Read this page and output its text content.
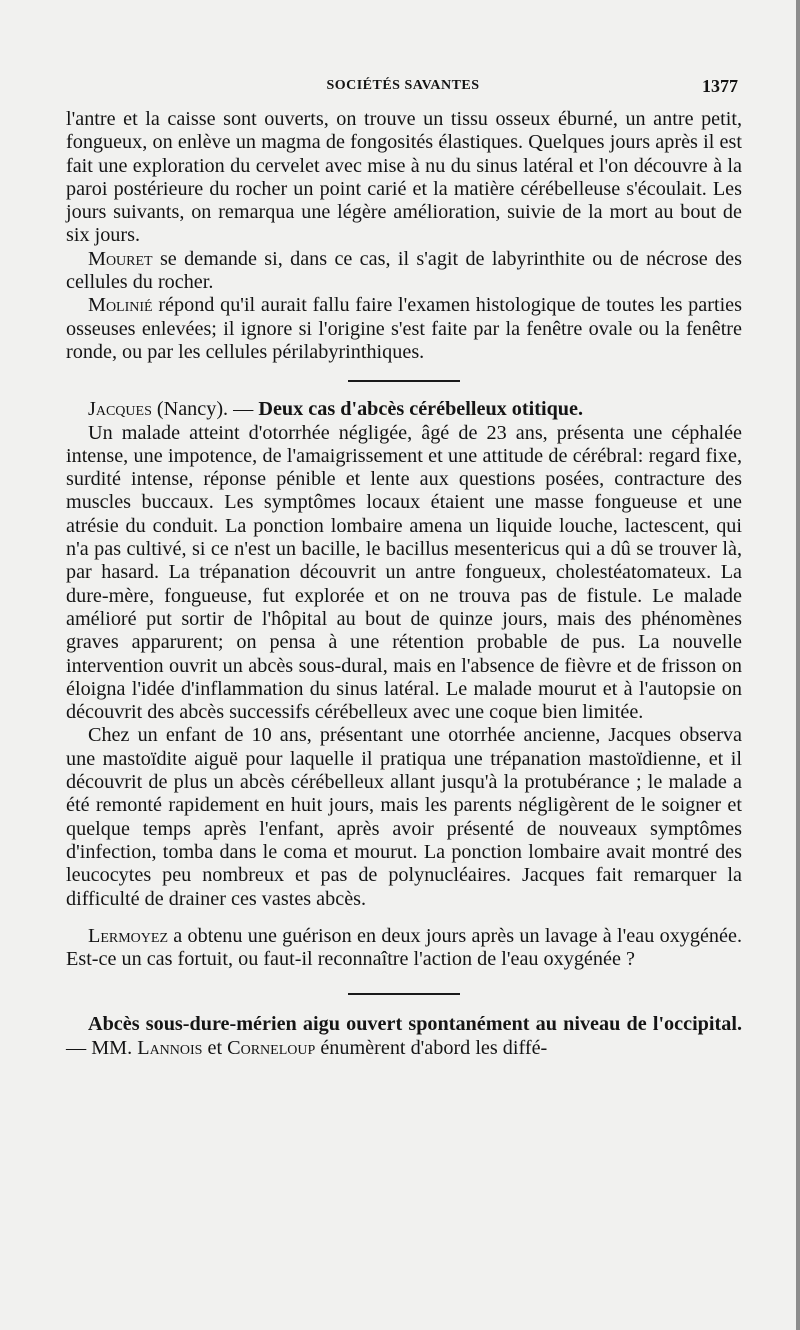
SOCIÉTÉS SAVANTES	1377

l'antre et la caisse sont ouverts, on trouve un tissu osseux éburné, un antre petit, fongueux, on enlève un magma de fongosités élastiques. Quelques jours après il est fait une exploration du cervelet avec mise à nu du sinus latéral et l'on découvre à la paroi postérieure du rocher un point carié et la matière cérébelleuse s'écoulait. Les jours suivants, on remarqua une légère amélioration, suivie de la mort au bout de six jours.

Mouret se demande si, dans ce cas, il s'agit de labyrinthite ou de nécrose des cellules du rocher.

Molinié répond qu'il aurait fallu faire l'examen histologique de toutes les parties osseuses enlevées; il ignore si l'origine s'est faite par la fenêtre ovale ou la fenêtre ronde, ou par les cellules périlabyrinthiques.

Jacques (Nancy). — Deux cas d'abcès cérébelleux otitique.

Un malade atteint d'otorrhée négligée, âgé de 23 ans, présenta une céphalée intense, une impotence, de l'amaigrissement et une attitude de cérébral: regard fixe, surdité intense, réponse pénible et lente aux questions posées, contracture des muscles buccaux. Les symptômes locaux étaient une masse fongueuse et une atrésie du conduit. La ponction lombaire amena un liquide louche, lactescent, qui n'a pas cultivé, si ce n'est un bacille, le bacillus mesentericus qui a dû se trouver là, par hasard. La trépanation découvrit un antre fongueux, cholestéatomateux. La dure-mère, fongueuse, fut explorée et on ne trouva pas de fistule. Le malade amélioré put sortir de l'hôpital au bout de quinze jours, mais des phénomènes graves apparurent; on pensa à une rétention probable de pus. La nouvelle intervention ouvrit un abcès sous-dural, mais en l'absence de fièvre et de frisson on éloigna l'idée d'inflammation du sinus latéral. Le malade mourut et à l'autopsie on découvrit des abcès successifs cérébelleux avec une coque bien limitée.

Chez un enfant de 10 ans, présentant une otorrhée ancienne, Jacques observa une mastoïdite aiguë pour laquelle il pratiqua une trépanation mastoïdienne, et il découvrit de plus un abcès cérébelleux allant jusqu'à la protubérance ; le malade a été remonté rapidement en huit jours, mais les parents négligèrent de le soigner et quelque temps après l'enfant, après avoir présenté de nouveaux symptômes d'infection, tomba dans le coma et mourut. La ponction lombaire avait montré des leucocytes peu nombreux et pas de polynucléaires. Jacques fait remarquer la difficulté de drainer ces vastes abcès.

Lermoyez a obtenu une guérison en deux jours après un lavage à l'eau oxygénée. Est-ce un cas fortuit, ou faut-il reconnaître l'action de l'eau oxygénée ?

Abcès sous-dure-mérien aigu ouvert spontanément au niveau de l'occipital. — MM. Lannois et Corneloup énumèrent d'abord les diffé-
